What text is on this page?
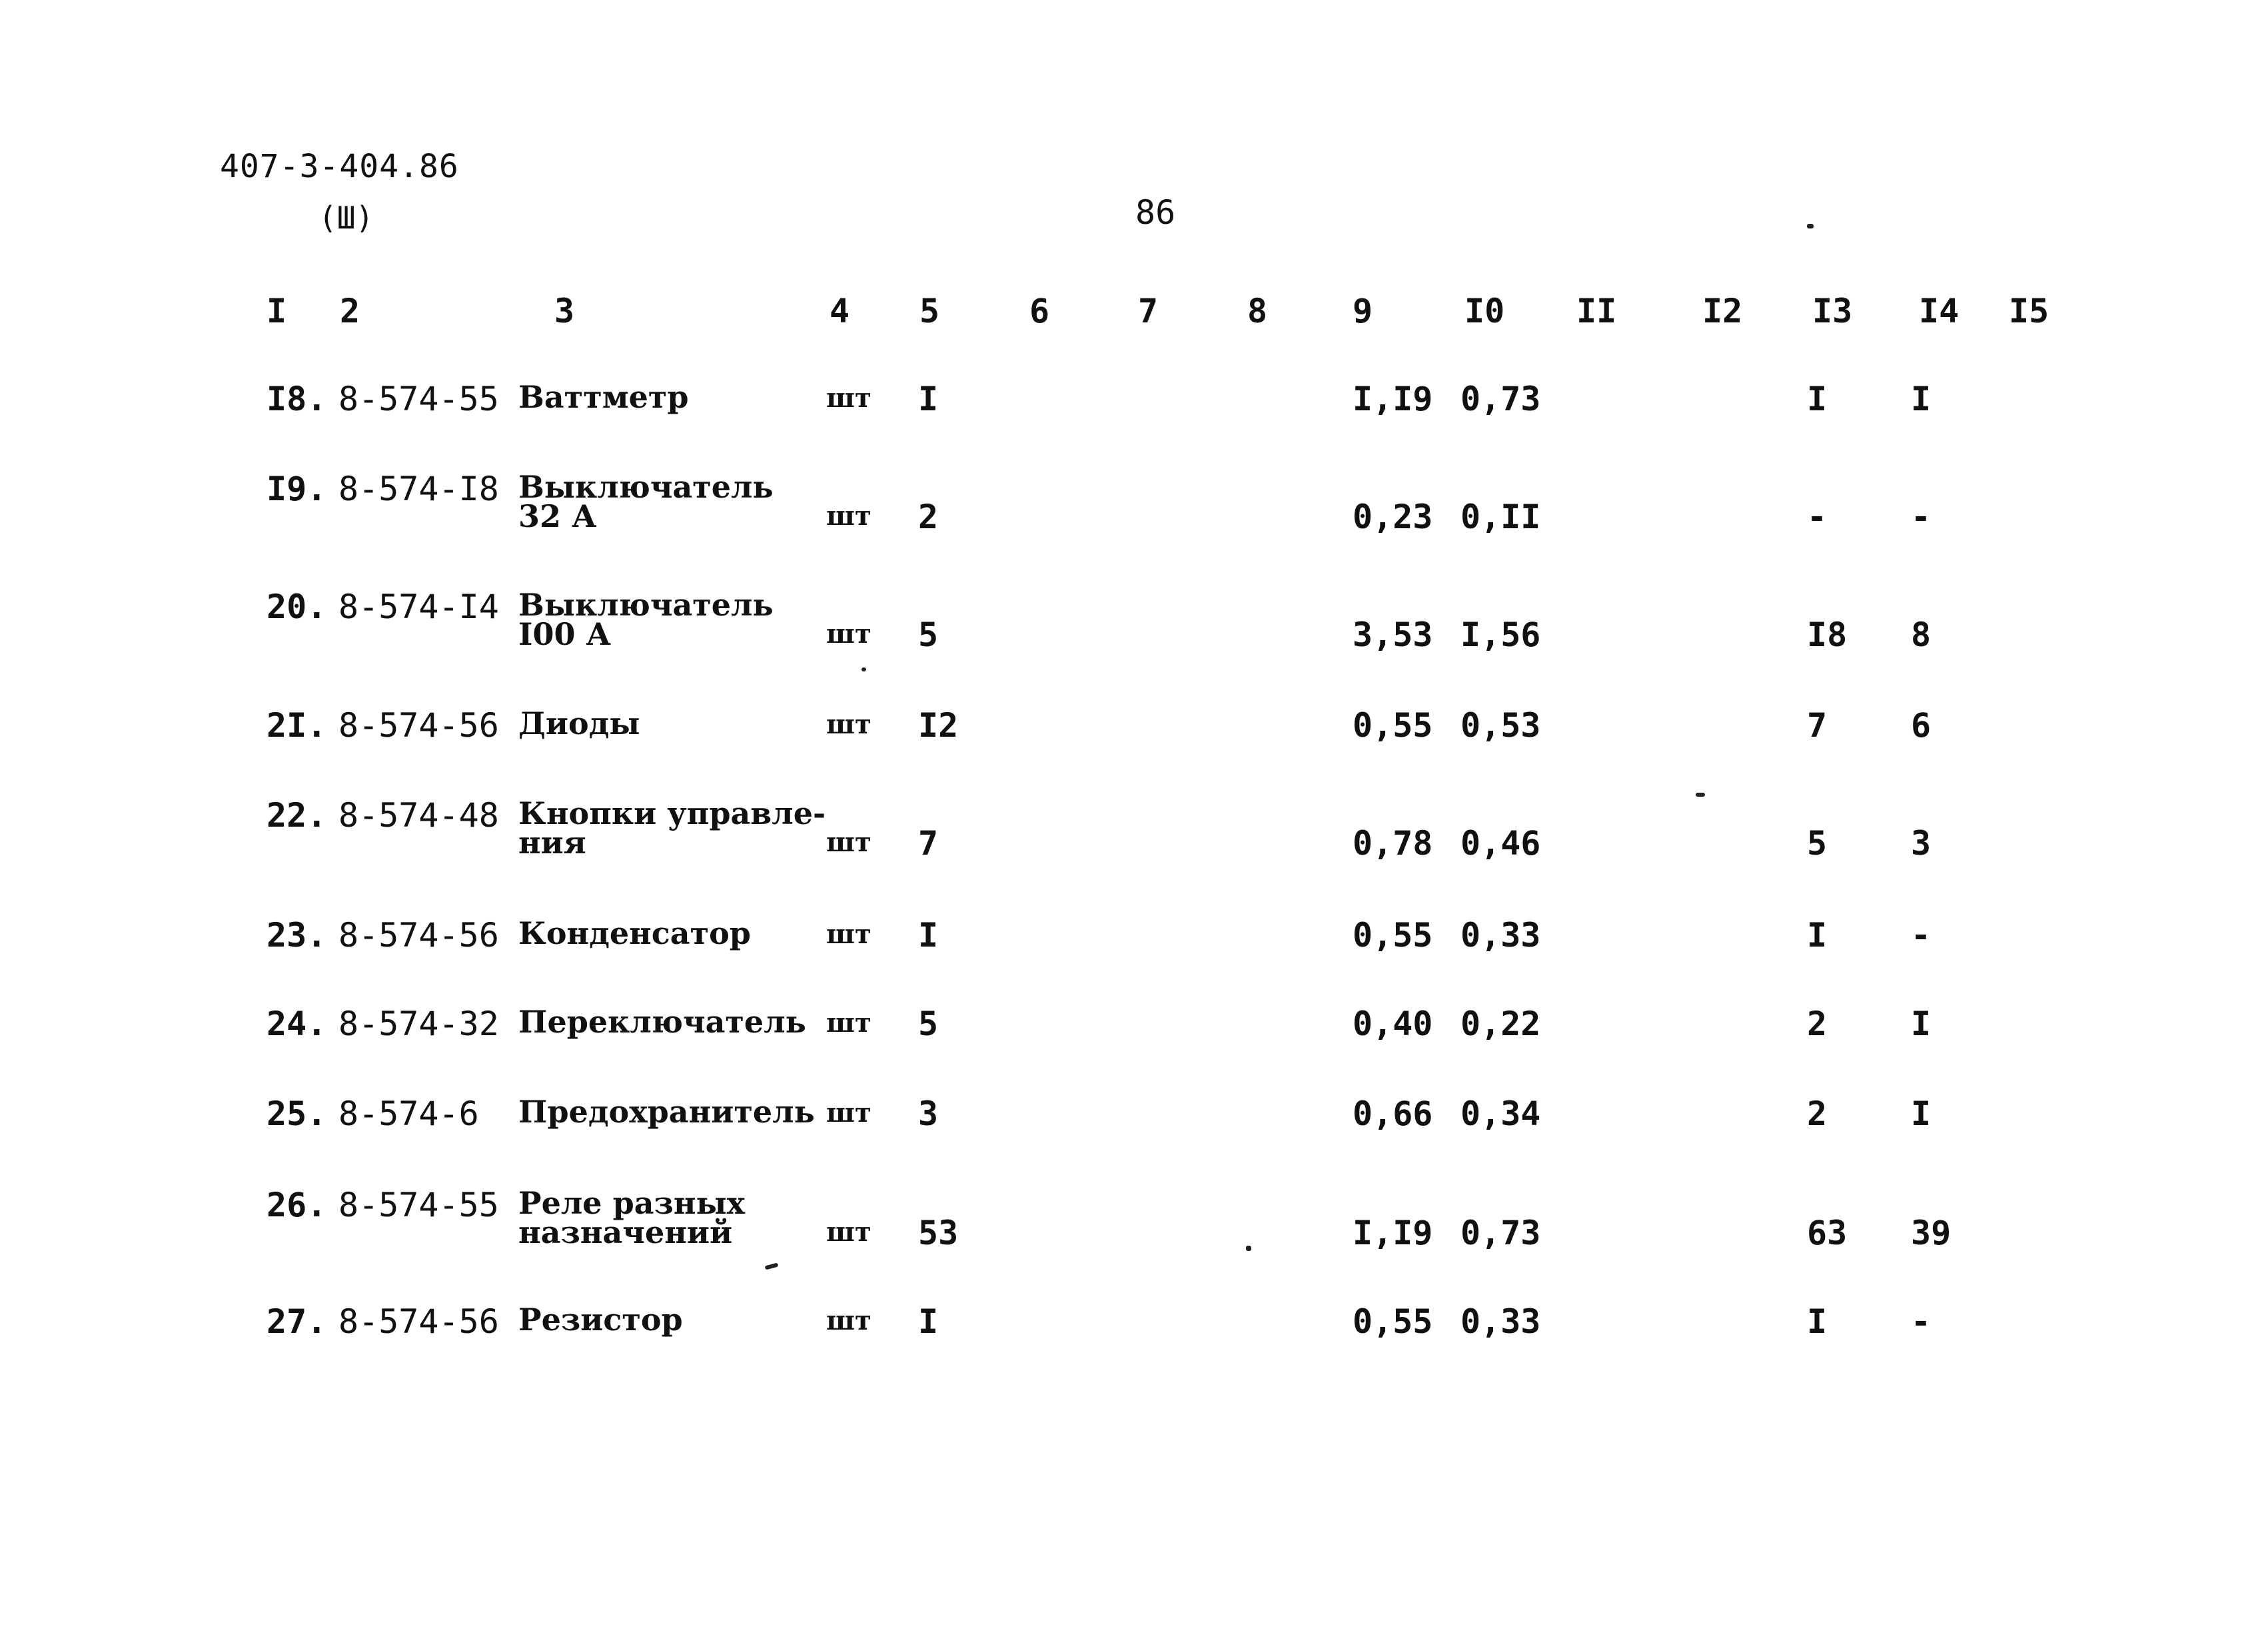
407-3-404.86
(Ш)	86
I 2	3	4 5	6	7	8	9	I0 II	I2 I3 I4 I5
I8. 8-574-55 Ваттметр	шт I	I,I9 0,73	I	I
I9. 8-574-I8 Выключатель
32 А	шт 2	0,23 0,II	-	-
20. 8-574-I4 Выключатель
I00 А	шт 5	3,53 I,56	I8 8
2I. 8-574-56 Диоды	шт I2	0,55 0,53	7	6
22. 8-574-48 Кнопки управле-
ния	шт 7	0,78 0,46	5	3
23. 8-574-56 Конденсатор	шт I	0,55 0,33	I	-
24. 8-574-32 Переключатель шт 5	0,40 0,22	2	I
25. 8-574-6 Предохранитель шт 3	0,66 0,34	2	I
26. 8-574-55 Реле разных
назначений	шт 53	I,I9 0,73	63 39
27. 8-574-56 Резистор	шт I	0,55 0,33	I	-
